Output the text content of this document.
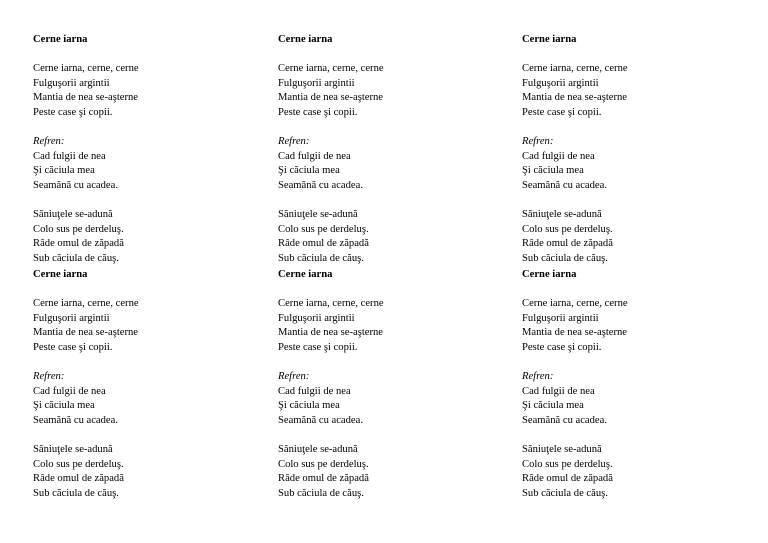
Cerne iarna

Cerne iarna, cerne, cerne

Fulguşorii argintii

Mantia de nea se-aşterne

Peste case şi copii.

Refren:

Cad fulgii de nea

Şi căciula mea

Seamănă cu acadea.

Săniuţele se-adună

Colo sus pe derdeluş.

Râde omul de zăpadă

Sub căciula de căuş.

Cerne iarna

Cerne iarna, cerne, cerne

Fulguşorii argintii

Mantia de nea se-aşterne

Peste case şi copii.

Refren:

Cad fulgii de nea

Şi căciula mea

Seamănă cu acadea.

Săniuţele se-adună

Colo sus pe derdeluş.

Râde omul de zăpadă

Sub căciula de căuş.

Cerne iarna

Cerne iarna, cerne, cerne

Fulguşorii argintii

Mantia de nea se-aşterne

Peste case şi copii.

Refren:

Cad fulgii de nea

Şi căciula mea

Seamănă cu acadea.

Săniuţele se-adună

Colo sus pe derdeluş.

Râde omul de zăpadă

Sub căciula de căuş.

Cerne iarna

Cerne iarna, cerne, cerne

Fulguşorii argintii

Mantia de nea se-aşterne

Peste case şi copii.

Refren:

Cad fulgii de nea

Şi căciula mea

Seamănă cu acadea.

Săniuţele se-adună

Colo sus pe derdeluş.

Râde omul de zăpadă

Sub căciula de căuş.

Cerne iarna

Cerne iarna, cerne, cerne

Fulguşorii argintii

Mantia de nea se-aşterne

Peste case şi copii.

Refren:

Cad fulgii de nea

Şi căciula mea

Seamănă cu acadea.

Săniuţele se-adună

Colo sus pe derdeluş.

Râde omul de zăpadă

Sub căciula de căuş.

Cerne iarna

Cerne iarna, cerne, cerne

Fulguşorii argintii

Mantia de nea se-aşterne

Peste case şi copii.

Refren:

Cad fulgii de nea

Şi căciula mea

Seamănă cu acadea.

Săniuţele se-adună

Colo sus pe derdeluş.

Râde omul de zăpadă

Sub căciula de căuş.
